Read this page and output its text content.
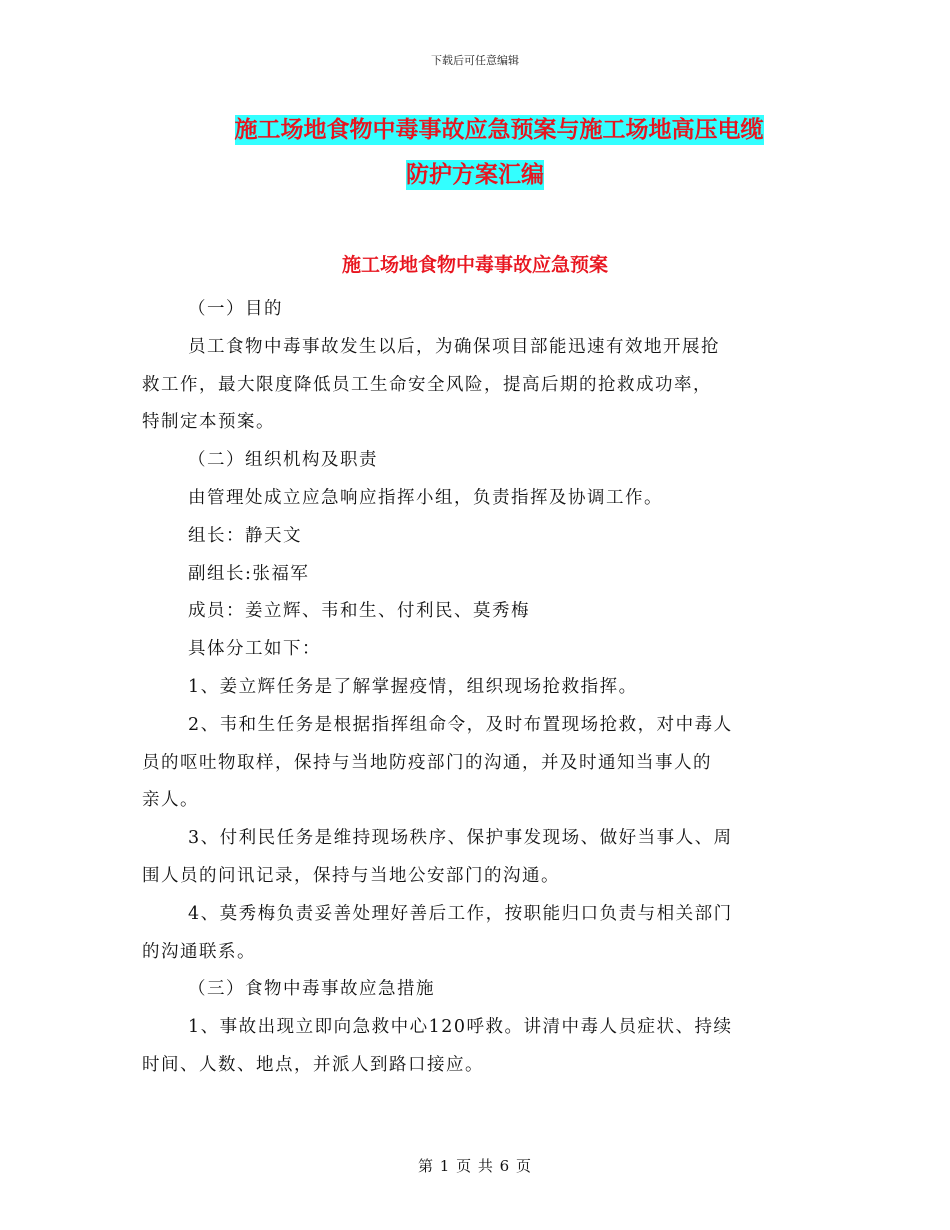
下载后可任意编辑
施工场地食物中毒事故应急预案与施工场地高压电缆
防护方案汇编
施工场地食物中毒事故应急预案

（一）目的

员工食物中毒事故发生以后，为确保项目部能迅速有效地开展抢

救工作，最大限度降低员工生命安全风险，提高后期的抢救成功率，

特制定本预案。

（二）组织机构及职责

由管理处成立应急响应指挥小组，负责指挥及协调工作。

组长：静天文

副组长:张福军

成员：姜立辉、韦和生、付利民、莫秀梅

具体分工如下：

1、姜立辉任务是了解掌握疫情，组织现场抢救指挥。

2、韦和生任务是根据指挥组命令，及时布置现场抢救，对中毒人

员的呕吐物取样，保持与当地防疫部门的沟通，并及时通知当事人的

亲人。

3、付利民任务是维持现场秩序、保护事发现场、做好当事人、周

围人员的问讯记录，保持与当地公安部门的沟通。

4、莫秀梅负责妥善处理好善后工作，按职能归口负责与相关部门

的沟通联系。

（三）食物中毒事故应急措施

1、事故出现立即向急救中心120呼救。讲清中毒人员症状、持续

时间、人数、地点，并派人到路口接应。

第 1 页 共 6 页
